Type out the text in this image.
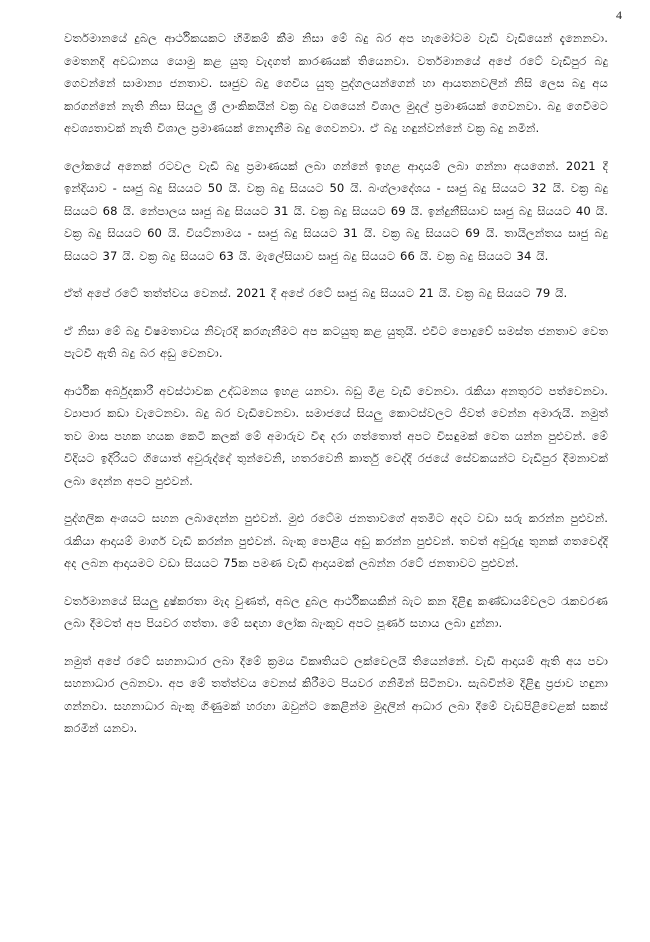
4

වර්තමානයේ දුබල ආර්ථිකයකට හිමිකම් කීම නිසා මේ බදු බර අප හැමෝටම වැඩි වැඩියෙන් දැනෙනවා. මෙතනදි අවධානය යොමු කළ යුතු වැදගත් කාරණයක් තියෙනවා. වර්තමානයේ අපේ රටේ වැඩිපුර බදු ගෙවන්නේ සාමාන්‍ය ජනතාව. සෘජුව බදු ගෙවිය යුතු පුද්ගලයන්ගෙන් හා ආයතනවලින් නිසි ලෙස බදු අය කරගන්නේ නැති නිසා සියලු ශ්‍රී ලාංකිකයින් වක්‍ර බදු වශයෙන් විශාල මුදල් ප්‍රමාණයක් ගෙවනවා. බදු ගෙවීමට අවශ්‍යතාවක් නැති විශාල ප්‍රමාණයක් නොදැනීම බදු ගෙවනවා. ඒ බදු හඳුන්වන්නේ වක්‍ර බදු නමින්.

ලෝකයේ අනෙක් රටවල වැඩි බදු ප්‍රමාණයක් ලබා ගන්නේ ඉහළ ආදායම් ලබා ගන්නා අයගෙන්. 2021 දී ඉන්දියාව - සෘජු බදු සියයට 50 යි. වක්‍ර බදු සියයට 50 යි. බංග්ලාදේශය - සෘජු බදු සියයට 32 යි. වක්‍ර බදු සියයට 68 යි. නේපාලය සෘජු බදු සියයට 31 යි. වක්‍ර බදු සියයට 69 යි. ඉන්දුනීසියාව සෘජු බදු සියයට 40 යි. වක්‍ර බදු සියයට 60 යි. වියට්නාමය - සෘජු බදු සියයට 31 යි. වක්‍ර බදු සියයට 69 යි. තායිලන්තය සෘජු බදු සියයට 37 යි. වක්‍ර බදු සියයට 63 යි. මැලේසියාව සෘජු බදු සියයට 66 යි. වක්‍ර බදු සියයට 34 යි.

ඒත් අපේ රටේ තත්ත්වය වෙනස්. 2021 දී අපේ රටේ සෘජු බදු සියයට 21 යි. වක්‍ර බදු සියයට 79 යි.

ඒ නිසා මේ බදු විෂමතාවය නිවැරදි කරගැනීමට අප කටයුතු කළ යුතුයි. එවිට පොදුවේ සමස්ත ජනතාව වෙත පැටවී ඇති බදු බර අඩු වෙනවා.

ආර්ථික අර්බුදකාරී අවස්ථාවක උද්ධමනය ඉහළ යනවා. බඩු මිළ වැඩි වෙනවා. රැකියා අනතුරට පත්වෙනවා. ව්‍යාපාර කඩා වැටෙනවා. බදු බර වැඩිවෙනවා. සමාජයේ සියලු කොටස්වලට ජීවත් වෙන්න අමාරුයි. නමුත් තව මාස පහක හයක කෙටි කලක් මේ අමාරුව විඳ දරා ගත්තොත් අපට විසඳුමක් වෙත යන්න පුළුවන්. මේ විදියට ඉදිරියට ගියොත් අවුරුද්දේ තුන්වෙනි, හතරවෙනි කාර්තු වෙද්දි රජයේ සේවකයන්ට වැඩිපුර දීමනාවක් ලබා දෙන්න අපට පුළුවන්.

පුද්ගලික අංශයට සහන ලබාදෙන්න පුළුවන්. මුළු රටේම ජනතාවගේ අතමිට අදට වඩා සරු කරන්න පුළුවන්. රැකියා ආදායම් මාර්ග වැඩි කරන්න පුළුවන්. බැංකු පොළිය අඩු කරන්න පුළුවන්. තවත් අවුරුදු තුනක් ගතවෙද්දි අද ලබන ආදායමට වඩා සියයට 75ක පමණ වැඩි ආදායමක් ලබන්න රටේ ජනතාවට පුළුවන්.

වර්තමානයේ සියලු දුෂ්කරතා මැද වුණත්, අබල දුබල ආර්ථිකයකින් බැට කන දිළිඳු කණ්ඩායම්වලට රැකවරණ ලබා දීමටත් අප පියවර ගත්තා. මේ සඳහා ලෝක බැංකුව අපට පූර්ණ සහාය ලබා දුන්නා.

නමුත් අපේ රටේ සහනාධාර ලබා දීමේ ක්‍රමය විකෘතියට ලක්වෙලයි තියෙන්නේ. වැඩි ආදායම් ඇති අය පවා සහනාධාර ලබනවා. අප මේ තත්ත්වය වෙනස් කිරීමට පියවර ගනිමින් සිටිනවා. සැබවින්ම දිළිඳු ප්‍රජාව හඳුනා ගන්නවා. සහනාධාර බැංකු ගිණුමක් හරහා ඔවුන්ට කෙළින්ම මුදලින් ආධාර ලබා දීමේ වැඩපිළිවෙළක් සකස් කරමින් යනවා.
